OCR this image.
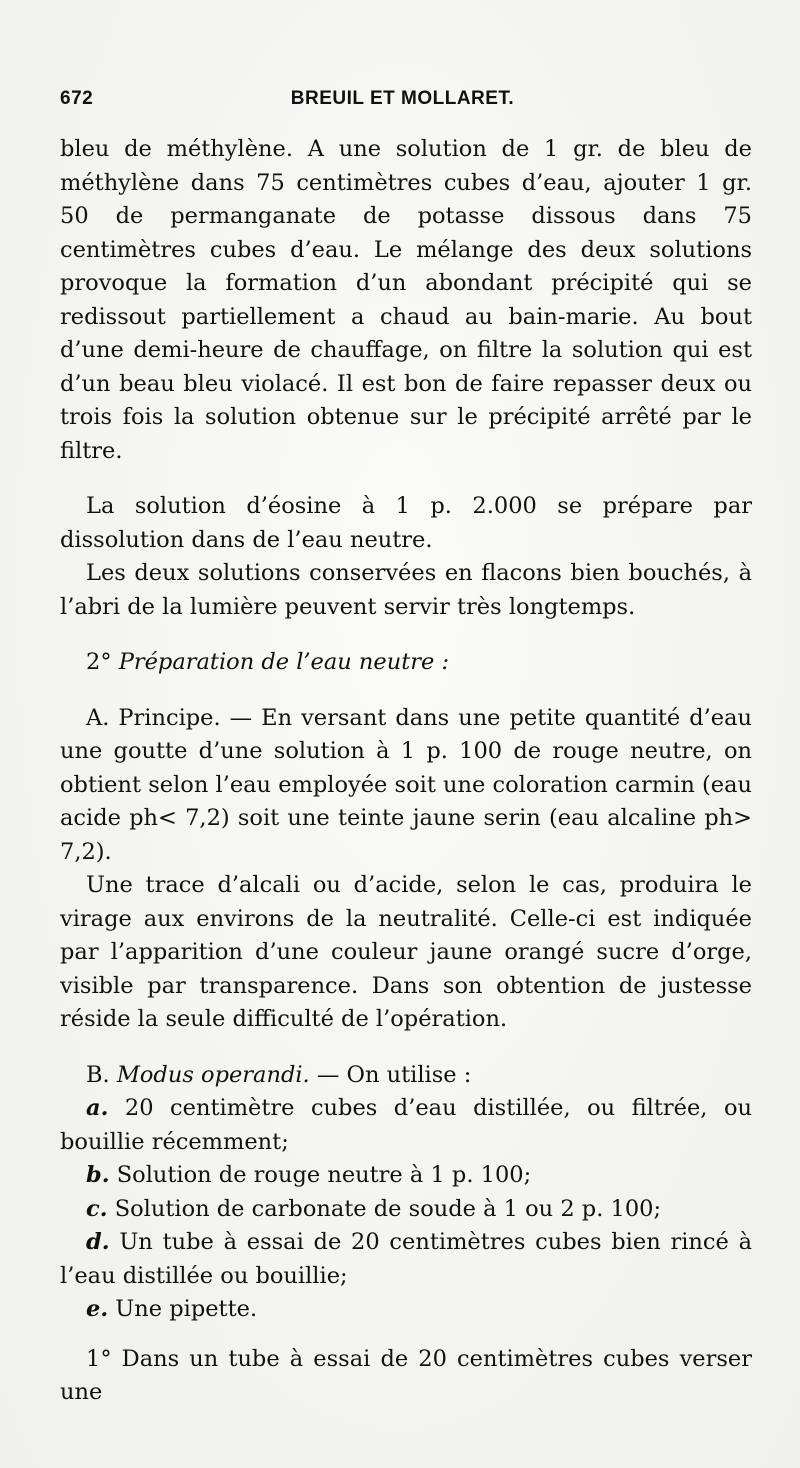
672	BREUIL ET MOLLARET.

bleu de méthylène. A une solution de 1 gr. de bleu de méthylène dans 75 centimètres cubes d’eau, ajouter 1 gr. 50 de permanganate de potasse dissous dans 75 centimètres cubes d’eau. Le mélange des deux solutions provoque la formation d’un abondant précipité qui se redissout partiellement a chaud au bain-marie. Au bout d’une demi-heure de chauffage, on filtre la solution qui est d’un beau bleu violacé. Il est bon de faire repasser deux ou trois fois la solution obtenue sur le précipité arrêté par le filtre.

La solution d’éosine à 1 p. 2.000 se prépare par dissolution dans de l’eau neutre.

Les deux solutions conservées en flacons bien bouchés, à l’abri de la lumière peuvent servir très longtemps.

2° Préparation de l’eau neutre :

A. Principe. — En versant dans une petite quantité d’eau une goutte d’une solution à 1 p. 100 de rouge neutre, on obtient selon l’eau employée soit une coloration carmin (eau acide ph< 7,2) soit une teinte jaune serin (eau alcaline ph> 7,2).

Une trace d’alcali ou d’acide, selon le cas, produira le virage aux environs de la neutralité. Celle-ci est indiquée par l’apparition d’une couleur jaune orangé sucre d’orge, visible par transparence. Dans son obtention de justesse réside la seule difficulté de l’opération.

B. Modus operandi. — On utilise :

a. 20 centimètre cubes d’eau distillée, ou filtrée, ou bouillie récemment;

b. Solution de rouge neutre à 1 p. 100;

c. Solution de carbonate de soude à 1 ou 2 p. 100;

d. Un tube à essai de 20 centimètres cubes bien rincé à l’eau distillée ou bouillie;

e. Une pipette.

1° Dans un tube à essai de 20 centimètres cubes verser une
